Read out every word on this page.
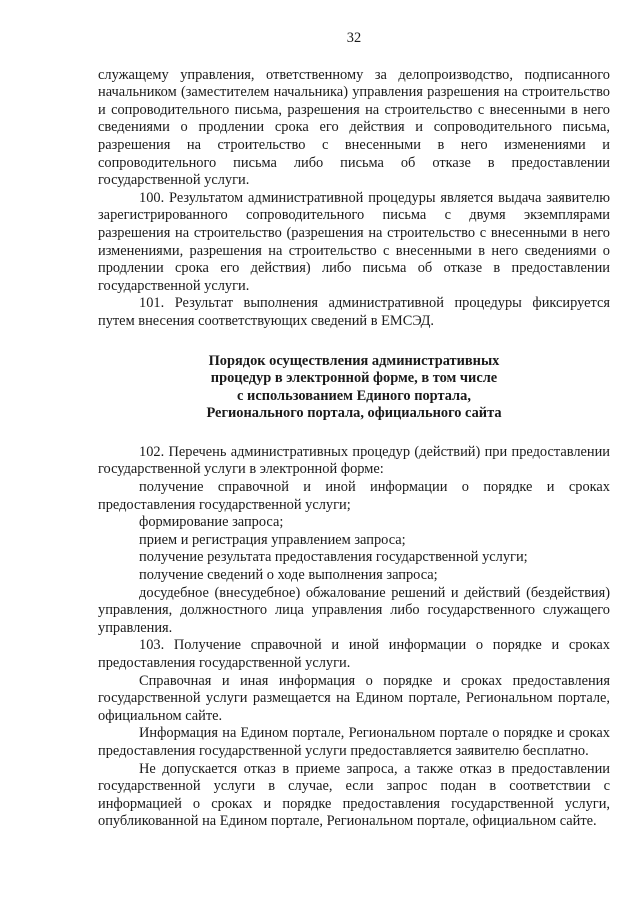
32

служащему управления, ответственному за делопроизводство, подписанного начальником (заместителем начальника) управления разрешения на строительство и сопроводительного письма, разрешения на строительство с внесенными в него сведениями о продлении срока его действия и сопроводительного письма, разрешения на строительство с внесенными в него изменениями и сопроводительного письма либо письма об отказе в предоставлении государственной услуги.

100. Результатом административной процедуры является выдача заявителю зарегистрированного сопроводительного письма с двумя экземплярами разрешения на строительство (разрешения на строительство с внесенными в него изменениями, разрешения на строительство с внесенными в него сведениями о продлении срока его действия) либо письма об отказе в предоставлении государственной услуги.

101. Результат выполнения административной процедуры фиксируется путем внесения соответствующих сведений в ЕМСЭД.

Порядок осуществления административных
процедур в электронной форме, в том числе
с использованием Единого портала,
Регионального портала, официального сайта

102. Перечень административных процедур (действий) при предоставлении государственной услуги в электронной форме:

получение справочной и иной информации о порядке и сроках предоставления государственной услуги;

формирование запроса;

прием и регистрация управлением запроса;

получение результата предоставления государственной услуги;

получение сведений о ходе выполнения запроса;

досудебное (внесудебное) обжалование решений и действий (бездействия) управления, должностного лица управления либо государственного служащего управления.

103. Получение справочной и иной информации о порядке и сроках предоставления государственной услуги.

Справочная и иная информация о порядке и сроках предоставления государственной услуги размещается на Едином портале, Региональном портале, официальном сайте.

Информация на Едином портале, Региональном портале о порядке и сроках предоставления государственной услуги предоставляется заявителю бесплатно.

Не допускается отказ в приеме запроса, а также отказ в предоставлении государственной услуги в случае, если запрос подан в соответствии с информацией о сроках и порядке предоставления государственной услуги, опубликованной на Едином портале, Региональном портале, официальном сайте.
